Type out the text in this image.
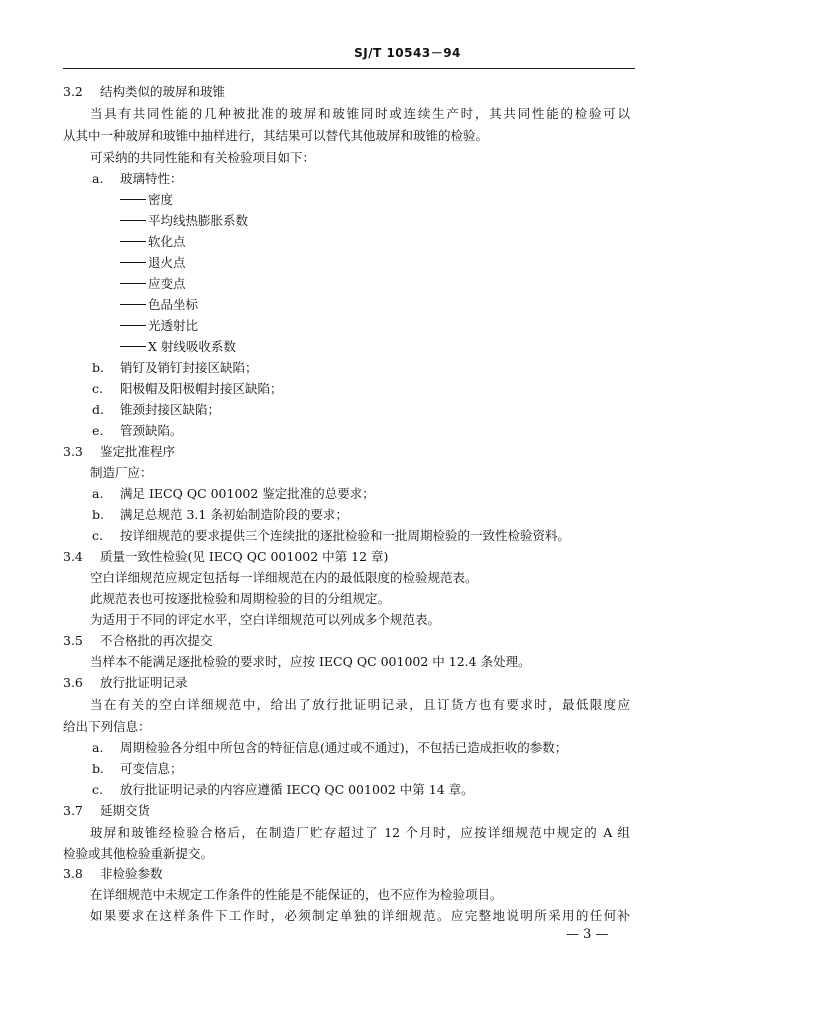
SJ/T 10543－94
3.2 结构类似的玻屏和玻锥
当具有共同性能的几种被批准的玻屏和玻锥同时或连续生产时，其共同性能的检验可以
从其中一种玻屏和玻锥中抽样进行，其结果可以替代其他玻屏和玻锥的检验。
可采纳的共同性能和有关检验项目如下：
a. 玻璃特性：
密度
平均线热膨胀系数
软化点
退火点
应变点
色品坐标
光透射比
X 射线吸收系数
b. 销钉及销钉封接区缺陷；
c. 阳极帽及阳极帽封接区缺陷；
d. 锥颈封接区缺陷；
e. 管颈缺陷。
3.3 鉴定批准程序
制造厂应：
a. 满足 IECQ QC 001002 鉴定批准的总要求；
b. 满足总规范 3.1 条初始制造阶段的要求；
c. 按详细规范的要求提供三个连续批的逐批检验和一批周期检验的一致性检验资料。
3.4 质量一致性检验(见 IECQ QC 001002 中第 12 章)
空白详细规范应规定包括每一详细规范在内的最低限度的检验规范表。
此规范表也可按逐批检验和周期检验的目的分组规定。
为适用于不同的评定水平，空白详细规范可以列成多个规范表。
3.5 不合格批的再次提交
当样本不能满足逐批检验的要求时，应按 IECQ QC 001002 中 12.4 条处理。
3.6 放行批证明记录
当在有关的空白详细规范中，给出了放行批证明记录，且订货方也有要求时，最低限度应
给出下列信息：
a. 周期检验各分组中所包含的特征信息(通过或不通过)，不包括已造成拒收的参数；
b. 可变信息；
c. 放行批证明记录的内容应遵循 IECQ QC 001002 中第 14 章。
3.7 延期交货
玻屏和玻锥经检验合格后，在制造厂贮存超过了 12 个月时，应按详细规范中规定的 A 组
检验或其他检验重新提交。
3.8 非检验参数
在详细规范中未规定工作条件的性能是不能保证的，也不应作为检验项目。
如果要求在这样条件下工作时，必须制定单独的详细规范。应完整地说明所采用的任何补
— 3 —
